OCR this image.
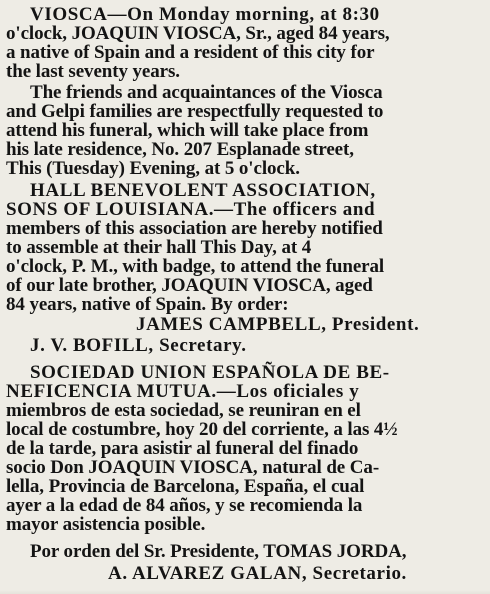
VIOSCA—On Monday morning, at 8:30
o'clock, JOAQUIN VIOSCA, Sr., aged 84 years,
a native of Spain and a resident of this city for
the last seventy years.
The friends and acquaintances of the Viosca
and Gelpi families are respectfully requested to
attend his funeral, which will take place from
his late residence, No. 207 Esplanade street,
This (Tuesday) Evening, at 5 o'clock.
HALL BENEVOLENT ASSOCIATION,
SONS OF LOUISIANA.—The officers and
members of this association are hereby notified
to assemble at their hall This Day, at 4
o'clock, P. M., with badge, to attend the funeral
of our late brother, JOAQUIN VIOSCA, aged
84 years, native of Spain. By order:
JAMES CAMPBELL, President.
J. V. BOFILL, Secretary.
SOCIEDAD UNION ESPAÑOLA DE BE-
NEFICENCIA MUTUA.—Los oficiales y
miembros de esta sociedad, se reuniran en el
local de costumbre, hoy 20 del corriente, a las 4½
de la tarde, para asistir al funeral del finado
socio Don JOAQUIN VIOSCA, natural de Ca-
lella, Provincia de Barcelona, España, el cual
ayer a la edad de 84 años, y se recomienda la
mayor asistencia posible.
Por orden del Sr. Presidente, TOMAS JORDA,
A. ALVAREZ GALAN, Secretario.
